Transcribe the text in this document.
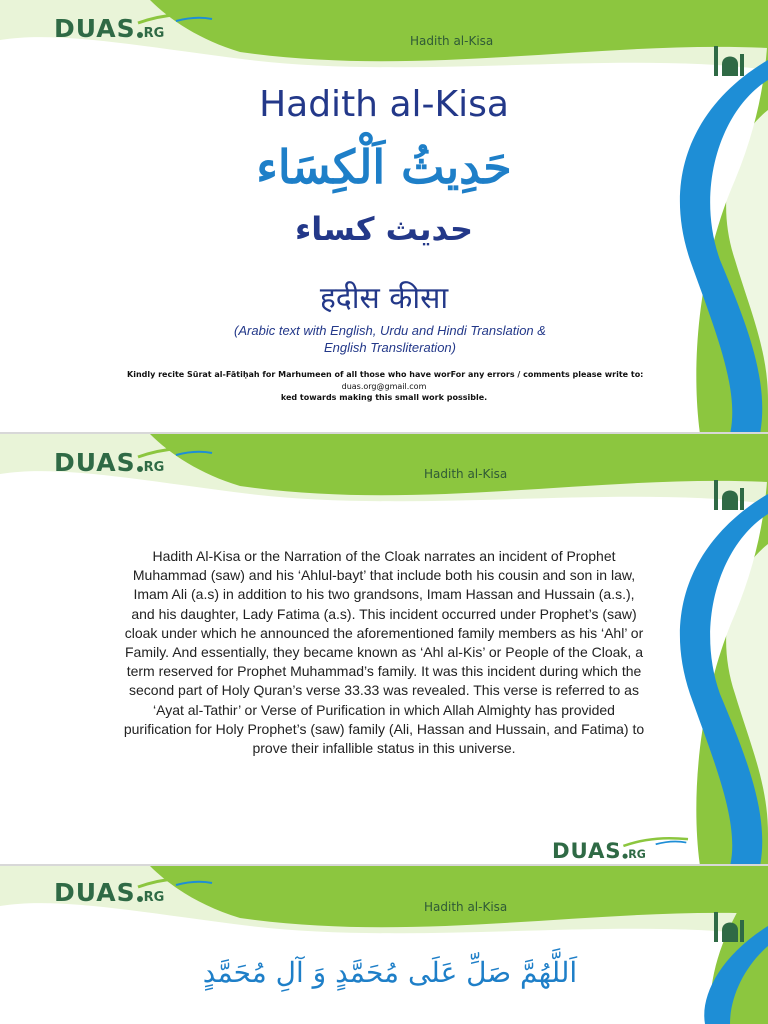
DUAS RG	Hadith al-Kisa
Hadith al-Kisa
حَدِيثُ اَلْكِسَاء
حدیث کساء
हदीस कीसा
(Arabic text with English, Urdu and Hindi Translation &
English Transliteration)
Kindly recite Sūrat al-Fātiḥah for Marhumeen of all those who have worFor any errors / comments please write to:
duas.org@gmail.com
ked towards making this small work possible.
DUAS RG	Hadith al-Kisa
Hadith Al-Kisa or the Narration of the Cloak narrates an incident of Prophet Muhammad (saw) and his ‘Ahlul-bayt’ that include both his cousin and son in law, Imam Ali (a.s) in addition to his two grandsons, Imam Hassan and Hussain (a.s.), and his daughter, Lady Fatima (a.s). This incident occurred under Prophet’s (saw) cloak under which he announced the aforementioned family members as his ‘Ahl’ or Family. And essentially, they became known as ‘Ahl al-Kis’ or People of the Cloak, a term reserved for Prophet Muhammad’s family. It was this incident during which the second part of Holy Quran’s verse 33.33 was revealed. This verse is referred to as ‘Ayat al-Tathir’ or Verse of Purification in which Allah Almighty has provided purification for Holy Prophet’s (saw) family (Ali, Hassan and Hussain, and Fatima) to prove their infallible status in this universe.
DUAS RG
DUAS RG
Hadith al-Kisa
اَللَّهُمَّ صَلِّ عَلَى مُحَمَّدٍ وَ آلِ مُحَمَّدٍ
